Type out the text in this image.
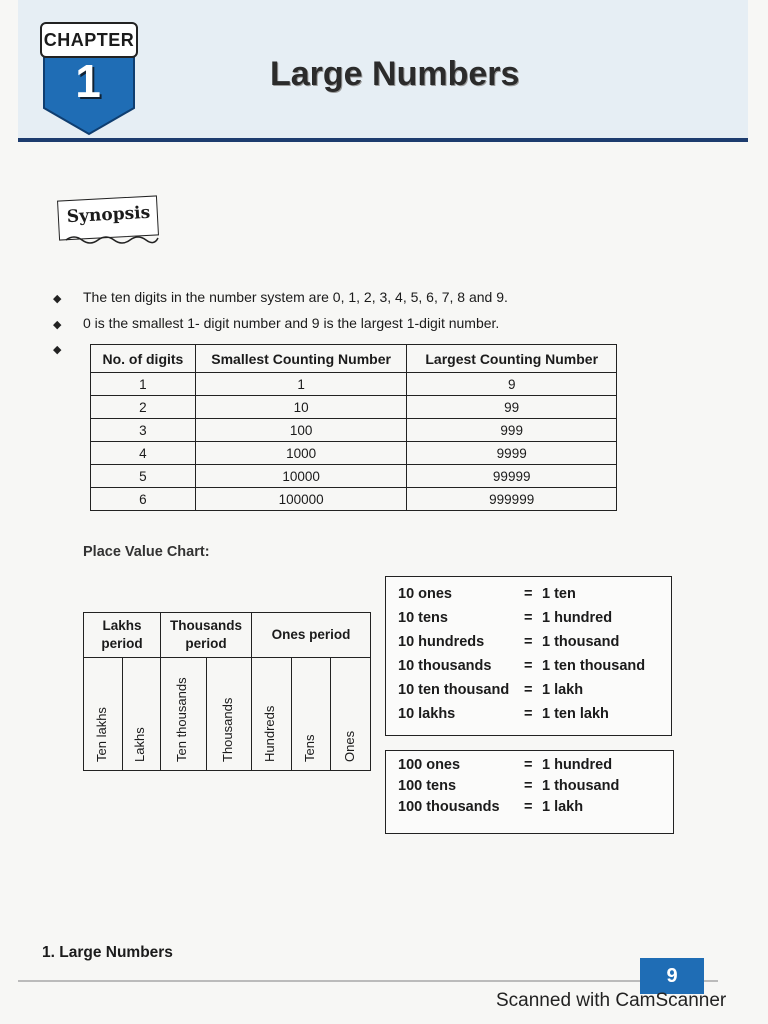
CHAPTER
1	Large Numbers
Synopsis
◆ The ten digits in the number system are 0, 1, 2, 3, 4, 5, 6, 7, 8 and 9.
◆ 0 is the smallest 1- digit number and 9 is the largest 1-digit number.
◆
No. of digits	Smallest Counting Number	Largest Counting Number
1	1	9
2	10	99
3	100	999
4	1000	9999
5	10000	99999
6	100000	999999
Place Value Chart:
Lakhs period		Thousands period		Ones period		

Ten lakhs	Lakhs	Ten thousands	Thousands	Hundreds	Tens	Ones
10 ones	= 1 ten
10 tens	= 1 hundred
10 hundreds	= 1 thousand
10 thousands = 1 ten thousand
10 ten thousand = 1 lakh
10 lakhs	= 1 ten lakh
100 ones	= 1 hundred
100 tens	= 1 thousand
100 thousands = 1 lakh
1. Large Numbers
9
Scanned with CamScanner
